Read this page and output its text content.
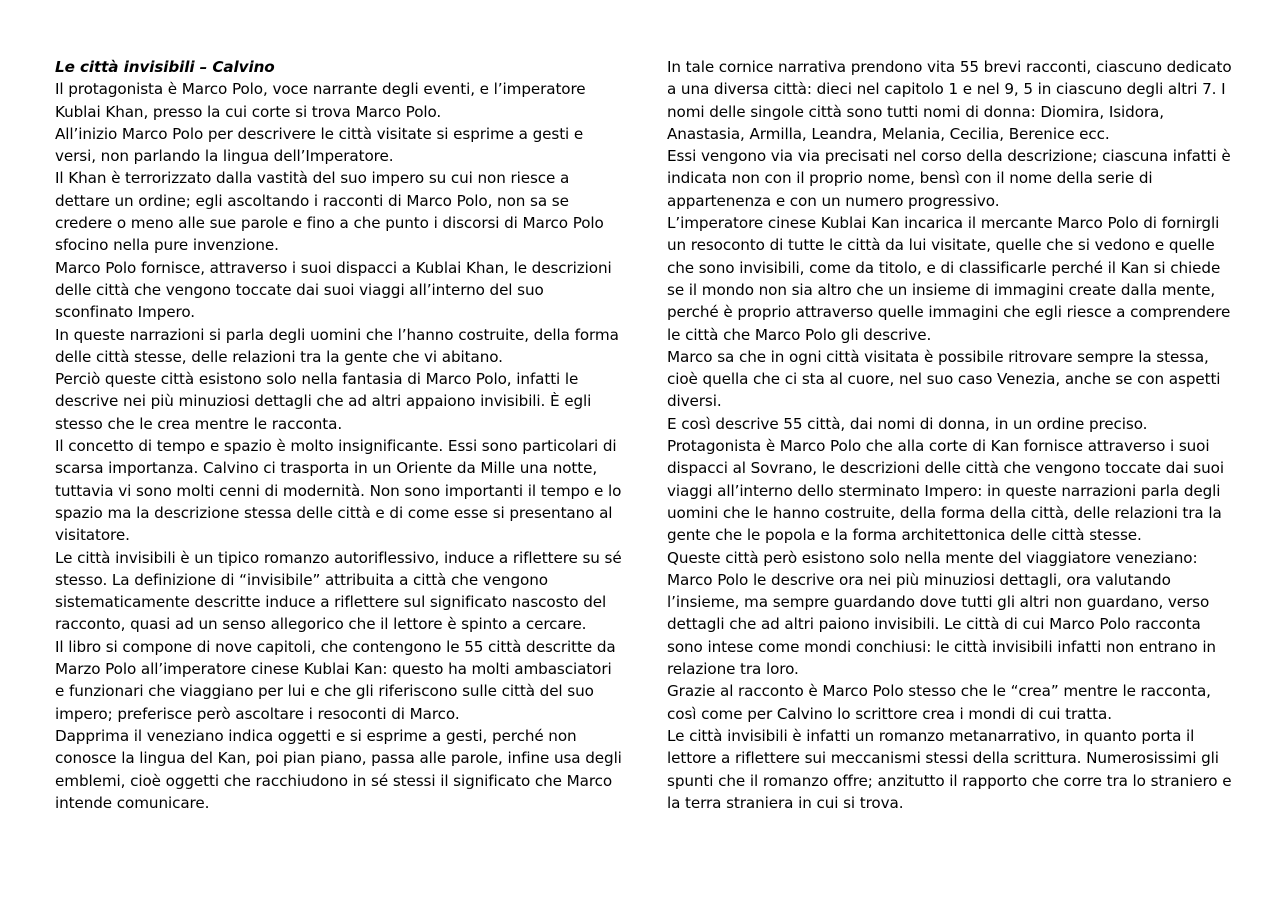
Le città invisibili – Calvino
Il protagonista è Marco Polo, voce narrante degli eventi, e l’imperatore Kublai Khan, presso la cui corte si trova Marco Polo.
All’inizio Marco Polo per descrivere le città visitate si esprime a gesti e versi, non parlando la lingua dell’Imperatore.
Il Khan è terrorizzato dalla vastità del suo impero su cui non riesce a dettare un ordine; egli ascoltando i racconti di Marco Polo, non sa se credere o meno alle sue parole e fino a che punto i discorsi di Marco Polo sfocino nella pure invenzione.
Marco Polo fornisce, attraverso i suoi dispacci a Kublai Khan, le descrizioni delle città che vengono toccate dai suoi viaggi all’interno del suo sconfinato Impero.
In queste narrazioni si parla degli uomini che l’hanno costruite, della forma delle città stesse, delle relazioni tra la gente che vi abitano.
Perciò queste città esistono solo nella fantasia di Marco Polo, infatti le descrive nei più minuziosi dettagli che ad altri appaiono invisibili. È egli stesso che le crea mentre le racconta.
Il concetto di tempo e spazio è molto insignificante. Essi sono particolari di scarsa importanza. Calvino ci trasporta in un Oriente da Mille una notte, tuttavia vi sono molti cenni di modernità. Non sono importanti il tempo e lo spazio ma la descrizione stessa delle città e di come esse si presentano al visitatore.
Le città invisibili è un tipico romanzo autoriflessivo, induce a riflettere su sé stesso. La definizione di “invisibile” attribuita a città che vengono sistematicamente descritte induce a riflettere sul significato nascosto del racconto, quasi ad un senso allegorico che il lettore è spinto a cercare.
Il libro si compone di nove capitoli, che contengono le 55 città descritte da Marzo Polo all’imperatore cinese Kublai Kan: questo ha molti ambasciatori e funzionari che viaggiano per lui e che gli riferiscono sulle città del suo impero; preferisce però ascoltare i resoconti di Marco.
Dapprima il veneziano indica oggetti e si esprime a gesti, perché non conosce la lingua del Kan, poi pian piano, passa alle parole, infine usa degli emblemi, cioè oggetti che racchiudono in sé stessi il significato che Marco intende comunicare.
In tale cornice narrativa prendono vita 55 brevi racconti, ciascuno dedicato a una diversa città: dieci nel capitolo 1 e nel 9, 5 in ciascuno degli altri 7. I nomi delle singole città sono tutti nomi di donna: Diomira, Isidora, Anastasia, Armilla, Leandra, Melania, Cecilia, Berenice ecc.
Essi vengono via via precisati nel corso della descrizione; ciascuna infatti è indicata non con il proprio nome, bensì con il nome della serie di appartenenza e con un numero progressivo.
L’imperatore cinese Kublai Kan incarica il mercante Marco Polo di fornirgli un resoconto di tutte le città da lui visitate, quelle che si vedono e quelle che sono invisibili, come da titolo, e di classificarle perché il Kan si chiede se il mondo non sia altro che un insieme di immagini create dalla mente, perché è proprio attraverso quelle immagini che egli riesce a comprendere le città che Marco Polo gli descrive.
Marco sa che in ogni città visitata è possibile ritrovare sempre la stessa, cioè quella che ci sta al cuore, nel suo caso Venezia, anche se con aspetti diversi.
E così descrive 55 città, dai nomi di donna, in un ordine preciso.
Protagonista è Marco Polo che alla corte di Kan fornisce attraverso i suoi dispacci al Sovrano, le descrizioni delle città che vengono toccate dai suoi viaggi all’interno dello sterminato Impero: in queste narrazioni parla degli uomini che le hanno costruite, della forma della città, delle relazioni tra la gente che le popola e la forma architettonica delle città stesse.
Queste città però esistono solo nella mente del viaggiatore veneziano: Marco Polo le descrive ora nei più minuziosi dettagli, ora valutando l’insieme, ma sempre guardando dove tutti gli altri non guardano, verso dettagli che ad altri paiono invisibili. Le città di cui Marco Polo racconta sono intese come mondi conchiusi: le città invisibili infatti non entrano in relazione tra loro.
Grazie al racconto è Marco Polo stesso che le “crea” mentre le racconta, così come per Calvino lo scrittore crea i mondi di cui tratta.
Le città invisibili è infatti un romanzo metanarrativo, in quanto porta il lettore a riflettere sui meccanismi stessi della scrittura. Numerosissimi gli spunti che il romanzo offre; anzitutto il rapporto che corre tra lo straniero e la terra straniera in cui si trova.
